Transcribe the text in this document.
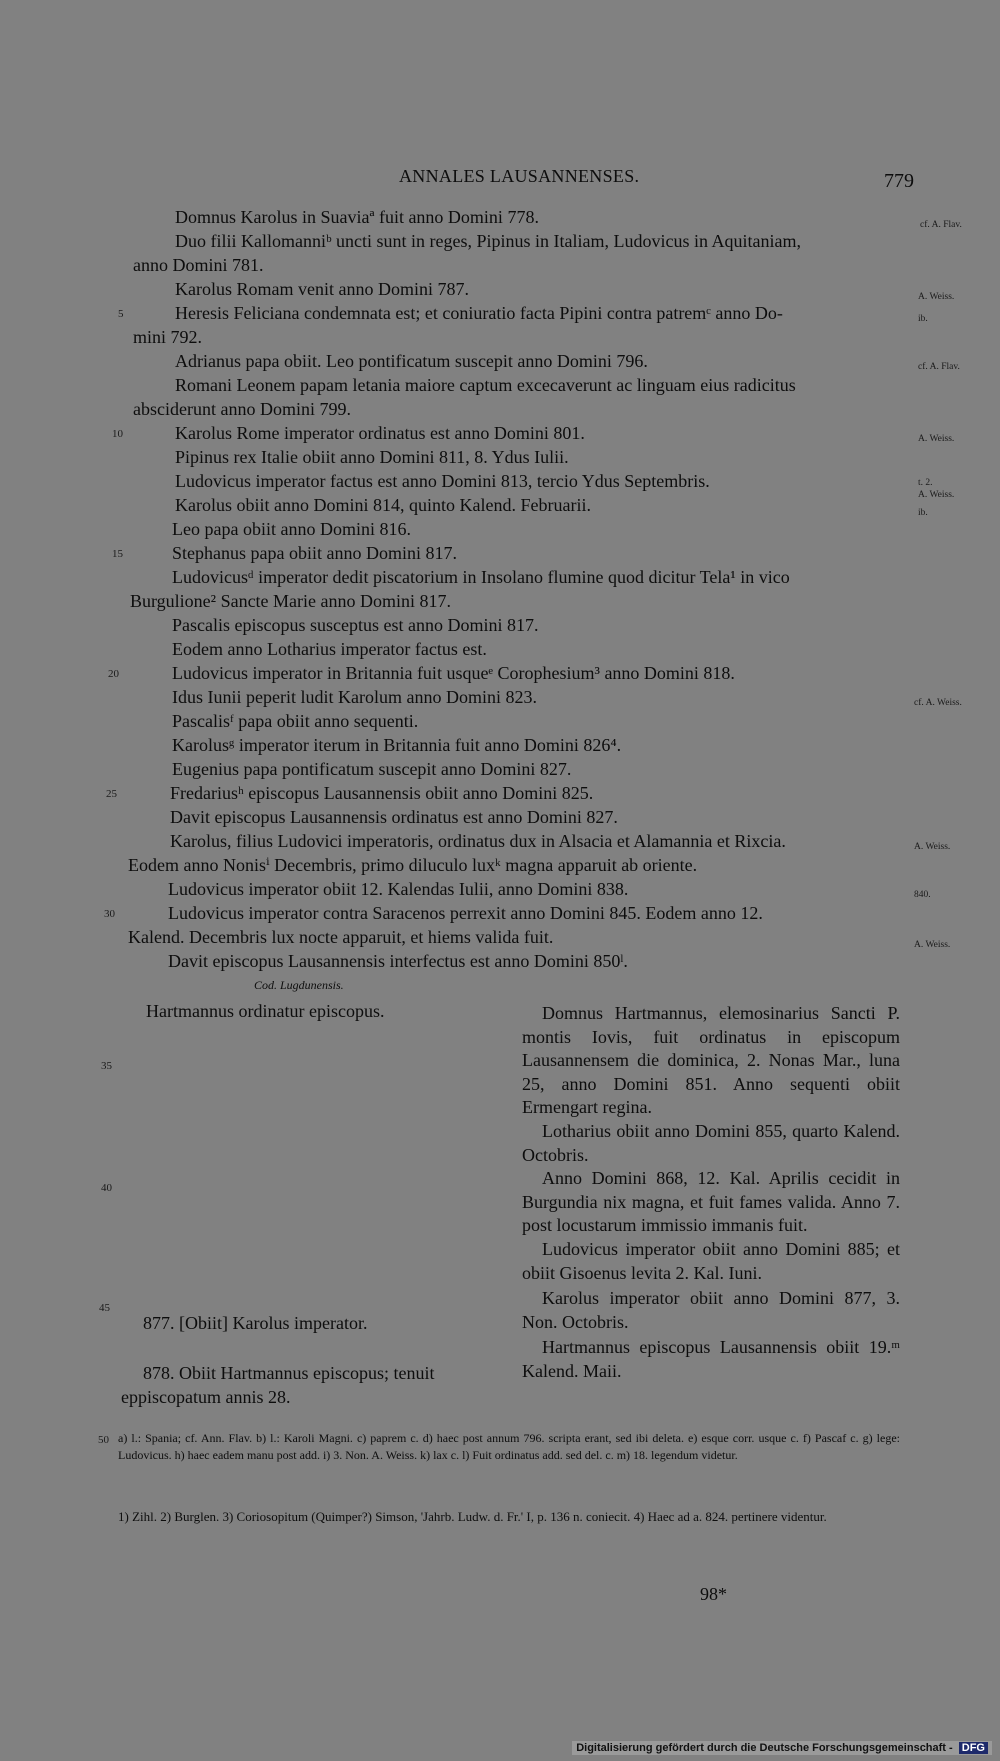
ANNALES LAUSANNENSES.	779
Domnus Karolus in Suaviaª fuit anno Domini 778.
Duo filii Kallomanniᵇ uncti sunt in reges, Pipinus in Italiam, Ludovicus in Aquitaniam,
anno Domini 781.
Karolus Romam venit anno Domini 787.
Heresis Feliciana condemnata est; et coniuratio facta Pipini contra patremᶜ anno Do-
mini 792.
Adrianus papa obiit. Leo pontificatum suscepit anno Domini 796.
Romani Leonem papam letania maiore captum excecaverunt ac linguam eius radicitus
absciderunt anno Domini 799.
Karolus Rome imperator ordinatus est anno Domini 801.
Pipinus rex Italie obiit anno Domini 811, 8. Ydus Iulii.
Ludovicus imperator factus est anno Domini 813, tercio Ydus Septembris.
Karolus obiit anno Domini 814, quinto Kalend. Februarii.
Leo papa obiit anno Domini 816.
Stephanus papa obiit anno Domini 817.
Ludovicusᵈ imperator dedit piscatorium in Insolano flumine quod dicitur Tela¹ in vico
Burgulione² Sancte Marie anno Domini 817.
Pascalis episcopus susceptus est anno Domini 817.
Eodem anno Lotharius imperator factus est.
Ludovicus imperator in Britannia fuit usqueᵉ Corophesium³ anno Domini 818.
Idus Iunii peperit ludit Karolum anno Domini 823.
Pascalisᶠ papa obiit anno sequenti.
Karolusᵍ imperator iterum in Britannia fuit anno Domini 826⁴.
Eugenius papa pontificatum suscepit anno Domini 827.
Fredariusʰ episcopus Lausannensis obiit anno Domini 825.
Davit episcopus Lausannensis ordinatus est anno Domini 827.
Karolus, filius Ludovici imperatoris, ordinatus dux in Alsacia et Alamannia et Rixcia.
Eodem anno Nonisⁱ Decembris, primo diluculo luxᵏ magna apparuit ab oriente.
Ludovicus imperator obiit 12. Kalendas Iulii, anno Domini 838.
Ludovicus imperator contra Saracenos perrexit anno Domini 845. Eodem anno 12.
Kalend. Decembris lux nocte apparuit, et hiems valida fuit.
Davit episcopus Lausannensis interfectus est anno Domini 850ˡ.
5
10
15
20
25
30
35
40
45
50
cf. A. Flav.
A. Weiss.
ib.
cf. A. Flav.
A. Weiss.
t. 2.
A. Weiss.
ib.
cf. A. Weiss.
A. Weiss.
840.
A. Weiss.
Cod. Lugdunensis.
Hartmannus ordinatur episcopus.
877. [Obiit] Karolus imperator.
878. Obiit Hartmannus episcopus; tenuit
eppiscopatum annis 28.

Domnus Hartmannus, elemosinarius Sancti P. montis Iovis, fuit ordinatus in episcopum Lausannensem die dominica, 2. Nonas Mar., luna 25, anno Domini 851. Anno sequenti obiit Ermengart regina.

Lotharius obiit anno Domini 855, quarto Kalend. Octobris.

Anno Domini 868, 12. Kal. Aprilis cecidit in Burgundia nix magna, et fuit fames valida. Anno 7. post locustarum immissio immanis fuit.

Ludovicus imperator obiit anno Domini 885; et obiit Gisoenus levita 2. Kal. Iuni.

Karolus imperator obiit anno Domini 877, 3. Non. Octobris.

Hartmannus episcopus Lausannensis obiit 19.ᵐ Kalend. Maii.

a) l.: Spania; cf. Ann. Flav. b) l.: Karoli Magni. c) paprem c. d) haec post annum 796. scripta erant, sed ibi deleta. e) esque corr. usque c. f) Pascaf c. g) lege: Ludovicus. h) haec eadem manu post add. i) 3. Non. A. Weiss. k) lax c. l) Fuit ordinatus add. sed del. c. m) 18. legendum videtur.
1) Zihl. 2) Burglen. 3) Coriosopitum (Quimper?) Simson, 'Jahrb. Ludw. d. Fr.' I, p. 136 n. coniecit. 4) Haec ad a. 824. pertinere videntur.
98*
Digitalisierung gefördert durch die Deutsche Forschungsgemeinschaft - DFG
